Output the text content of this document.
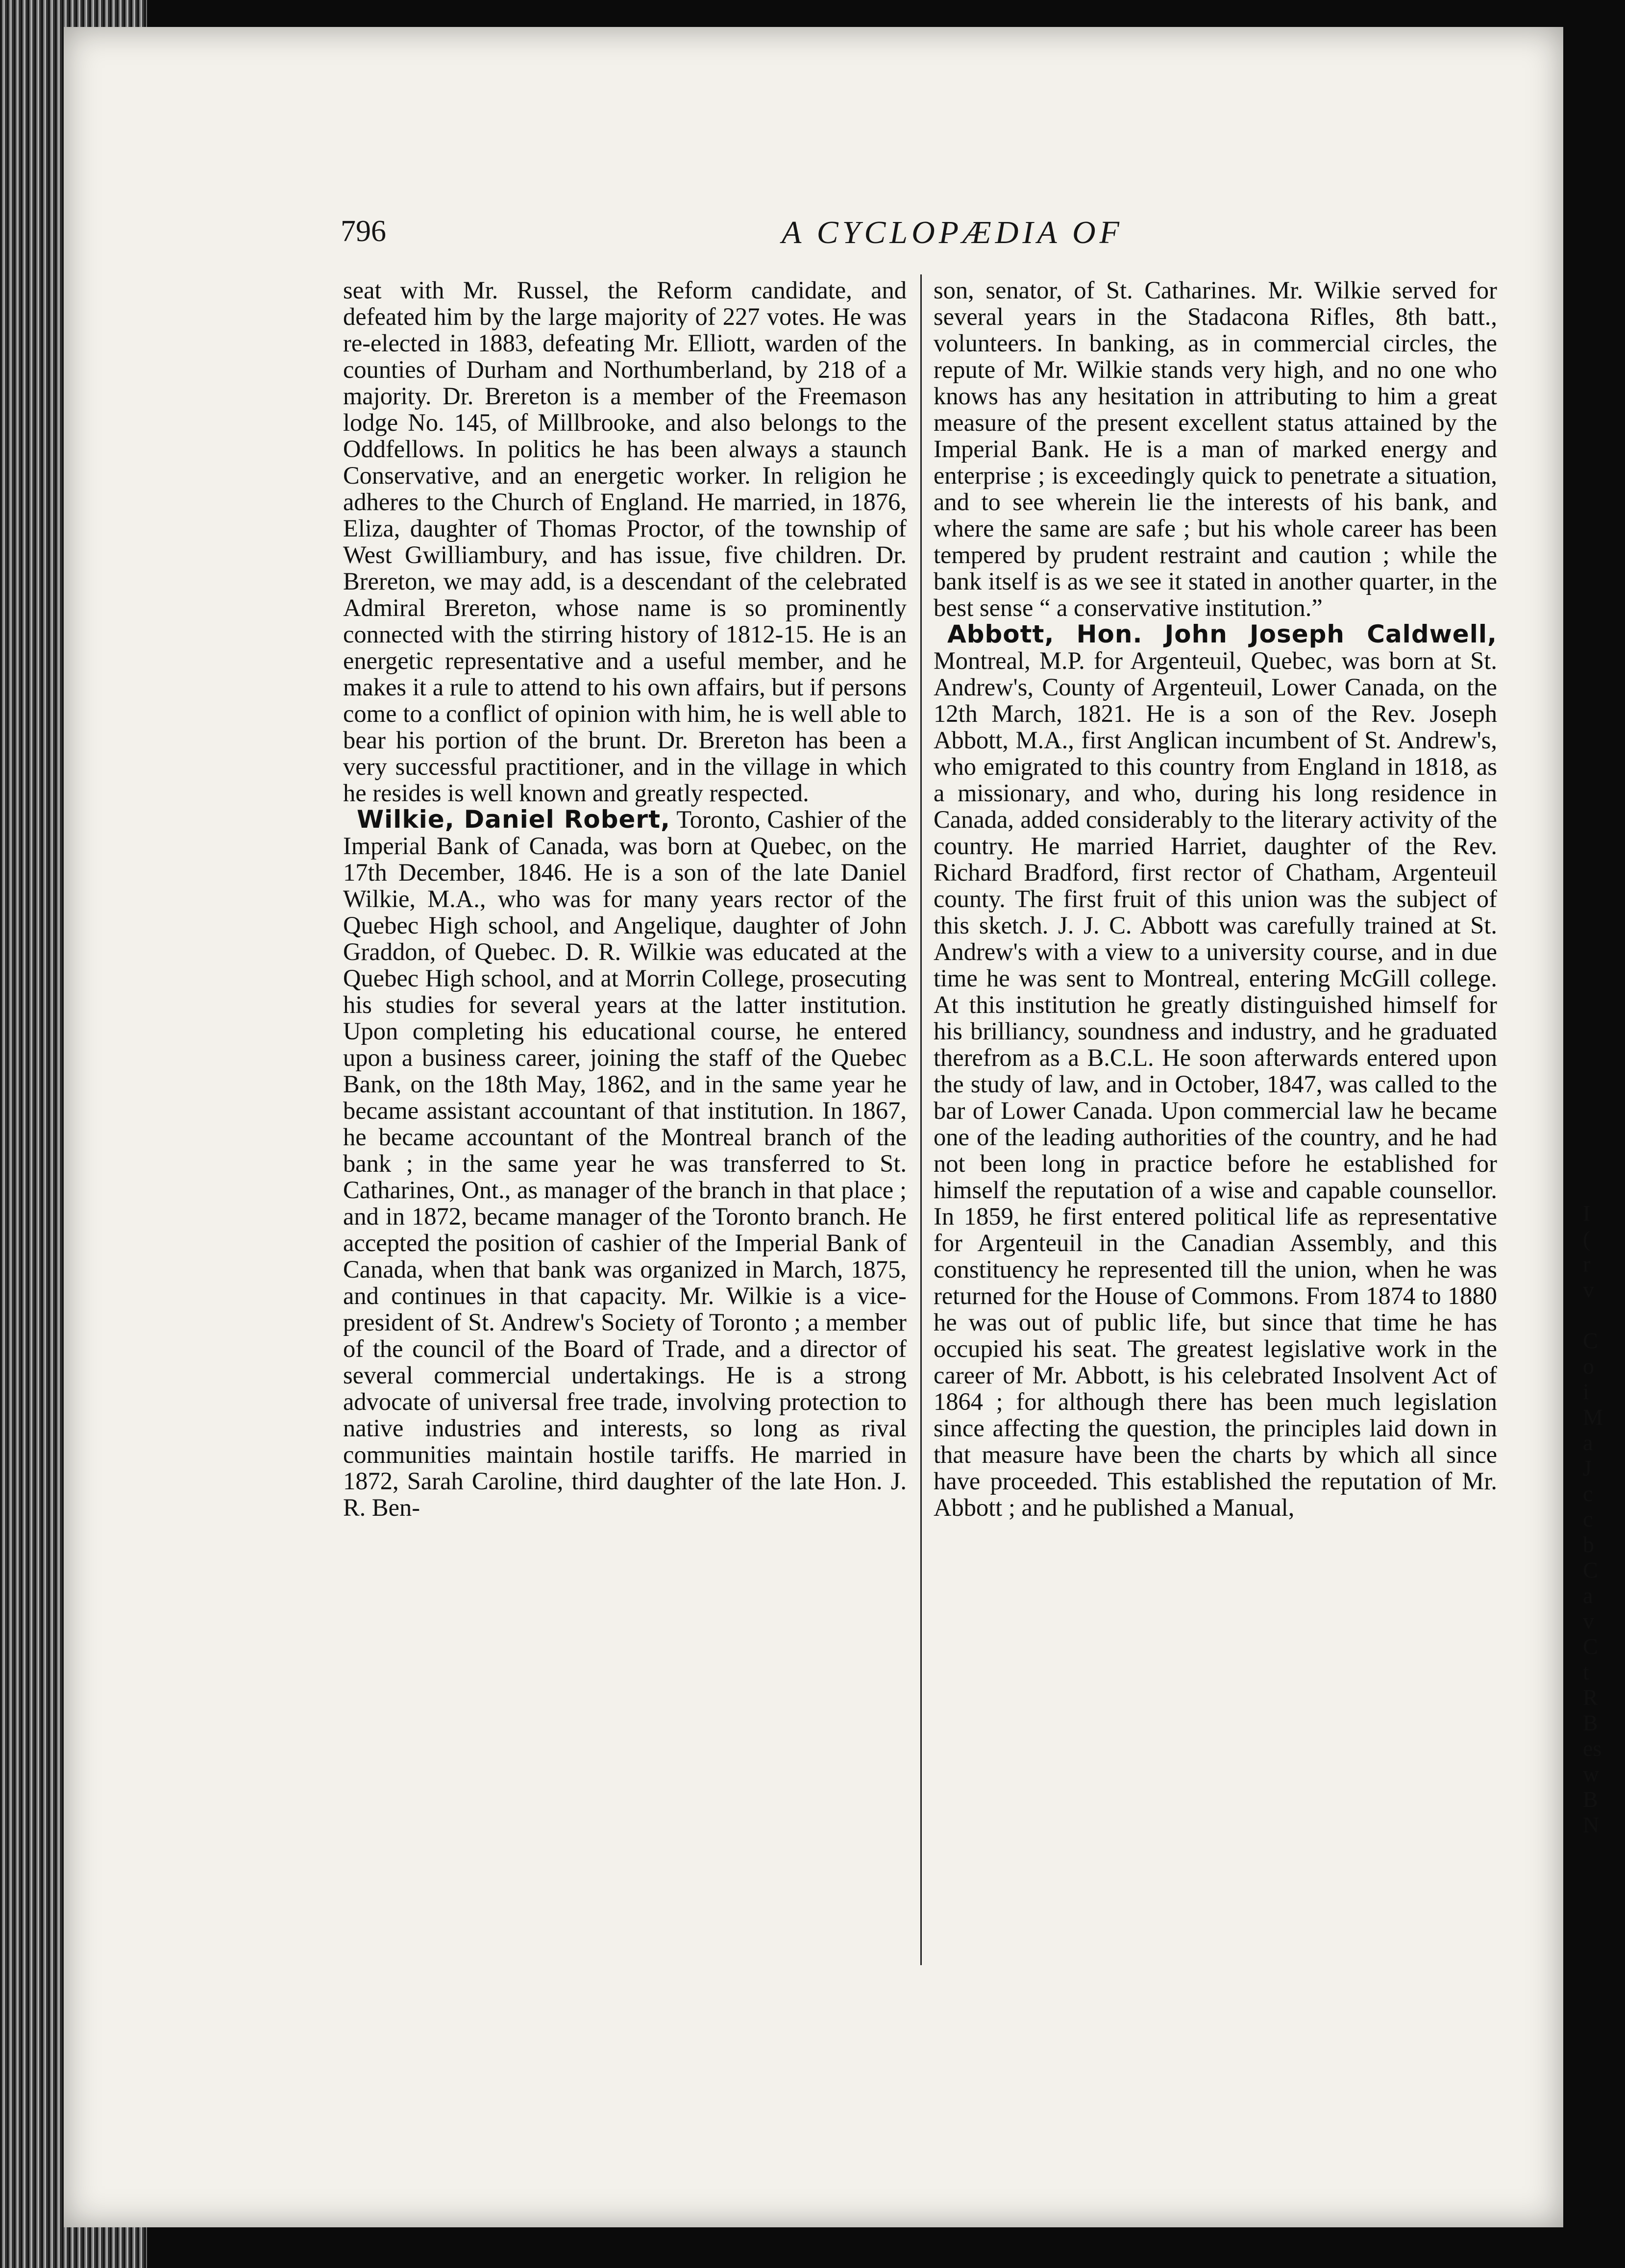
796	A CYCLOPÆDIA OF

seat with Mr. Russel, the Reform candidate, and defeated him by the large majority of 227 votes. He was re-elected in 1883, defeating Mr. Elliott, warden of the counties of Durham and Northumberland, by 218 of a majority. Dr. Brereton is a member of the Freemason lodge No. 145, of Millbrooke, and also belongs to the Oddfellows. In politics he has been always a staunch Conservative, and an energetic worker. In religion he adheres to the Church of England. He married, in 1876, Eliza, daughter of Thomas Proctor, of the township of West Gwilliambury, and has issue, five children. Dr. Brereton, we may add, is a descendant of the celebrated Admiral Brereton, whose name is so prominently connected with the stirring history of 1812-15. He is an energetic representative and a useful member, and he makes it a rule to attend to his own affairs, but if persons come to a conflict of opinion with him, he is well able to bear his portion of the brunt. Dr. Brereton has been a very successful practitioner, and in the village in which he resides is well known and greatly respected.

Wilkie, Daniel Robert, Toronto, Cashier of the Imperial Bank of Canada, was born at Quebec, on the 17th December, 1846. He is a son of the late Daniel Wilkie, M.A., who was for many years rector of the Quebec High school, and Angelique, daughter of John Graddon, of Quebec. D. R. Wilkie was educated at the Quebec High school, and at Morrin College, prosecuting his studies for several years at the latter institution. Upon completing his educational course, he entered upon a business career, joining the staff of the Quebec Bank, on the 18th May, 1862, and in the same year he became assistant accountant of that institution. In 1867, he became accountant of the Montreal branch of the bank ; in the same year he was transferred to St. Catharines, Ont., as manager of the branch in that place ; and in 1872, became manager of the Toronto branch. He accepted the position of cashier of the Imperial Bank of Canada, when that bank was organized in March, 1875, and continues in that capacity. Mr. Wilkie is a vice-president of St. Andrew's Society of Toronto ; a member of the council of the Board of Trade, and a director of several commercial undertakings. He is a strong advocate of universal free trade, involving protection to native industries and interests, so long as rival communities maintain hostile tariffs. He married in 1872, Sarah Caroline, third daughter of the late Hon. J. R. Ben-

son, senator, of St. Catharines. Mr. Wilkie served for several years in the Stadacona Rifles, 8th batt., volunteers. In banking, as in commercial circles, the repute of Mr. Wilkie stands very high, and no one who knows has any hesitation in attributing to him a great measure of the present excellent status attained by the Imperial Bank. He is a man of marked energy and enterprise ; is exceedingly quick to penetrate a situation, and to see wherein lie the interests of his bank, and where the same are safe ; but his whole career has been tempered by prudent restraint and caution ; while the bank itself is as we see it stated in another quarter, in the best sense “ a conservative institution.”

Abbott, Hon. John Joseph Caldwell, Montreal, M.P. for Argenteuil, Quebec, was born at St. Andrew's, County of Argenteuil, Lower Canada, on the 12th March, 1821. He is a son of the Rev. Joseph Abbott, M.A., first Anglican incumbent of St. Andrew's, who emigrated to this country from England in 1818, as a missionary, and who, during his long residence in Canada, added considerably to the literary activity of the country. He married Harriet, daughter of the Rev. Richard Bradford, first rector of Chatham, Argenteuil county. The first fruit of this union was the subject of this sketch. J. J. C. Abbott was carefully trained at St. Andrew's with a view to a university course, and in due time he was sent to Montreal, entering McGill college. At this institution he greatly distinguished himself for his brilliancy, soundness and industry, and he graduated therefrom as a B.C.L. He soon afterwards entered upon the study of law, and in October, 1847, was called to the bar of Lower Canada. Upon commercial law he became one of the leading authorities of the country, and he had not been long in practice before he established for himself the reputation of a wise and capable counsellor. In 1859, he first entered political life as representative for Argenteuil in the Canadian Assembly, and this constituency he represented till the union, when he was returned for the House of Commons. From 1874 to 1880 he was out of public life, but since that time he has occupied his seat. The greatest legislative work in the career of Mr. Abbott, is his celebrated Insolvent Act of 1864 ; for although there has been much legislation since affecting the question, the principles laid down in that measure have been the charts by which all since have proceeded. This established the reputation of Mr. Abbott ; and he published a Manual,

I
(
r
v
C
o
i
M
a
J
c
c
b
C
a
v
C
t
R
B
es
w
B
N
